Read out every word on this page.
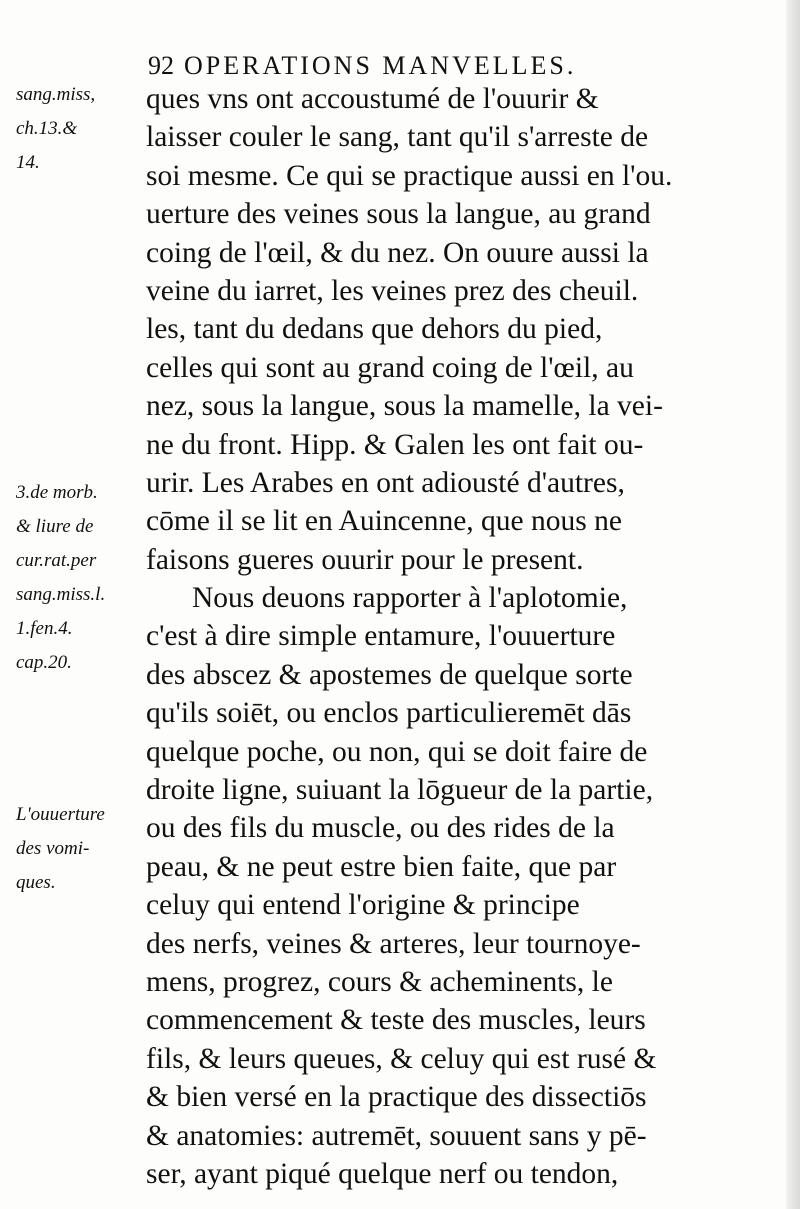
92 OPERATIONS MANVELLES.
sang.miss,
ch.13.&
14.
3.de morb.
& liure de
cur.rat.per
sang.miss.l.
1.fen.4.
cap.20.
L'ouuerture
des vomi-
ques.
ques vns ont accoustumé de l'ouurir &
laisser couler le sang, tant qu'il s'arreste de
soi mesme. Ce qui se practique aussi en l'ou.
uerture des veines sous la langue, au grand
coing de l'œil, & du nez. On ouure aussi la
veine du iarret, les veines prez des cheuil.
les, tant du dedans que dehors du pied,
celles qui sont au grand coing de l'œil, au
nez, sous la langue, sous la mamelle, la vei-
ne du front. Hipp. & Galen les ont fait ou-
urir. Les Arabes en ont adiousté d'autres,
cōme il se lit en Auincenne, que nous ne
faisons gueres ouurir pour le present.
Nous deuons rapporter à l'aplotomie,
c'est à dire simple entamure, l'ouuerture
des abscez & apostemes de quelque sorte
qu'ils soiēt, ou enclos particulieremēt dās
quelque poche, ou non, qui se doit faire de
droite ligne, suiuant la lōgueur de la partie,
ou des fils du muscle, ou des rides de la
peau, & ne peut estre bien faite, que par
celuy qui entend l'origine & principe
des nerfs, veines & arteres, leur tournoye-
mens, progrez, cours & acheminents, le
commencement & teste des muscles, leurs
fils, & leurs queues, & celuy qui est rusé &
& bien versé en la practique des dissectiōs
& anatomies: autremēt, souuent sans y pē-
ser, ayant piqué quelque nerf ou tendon,
